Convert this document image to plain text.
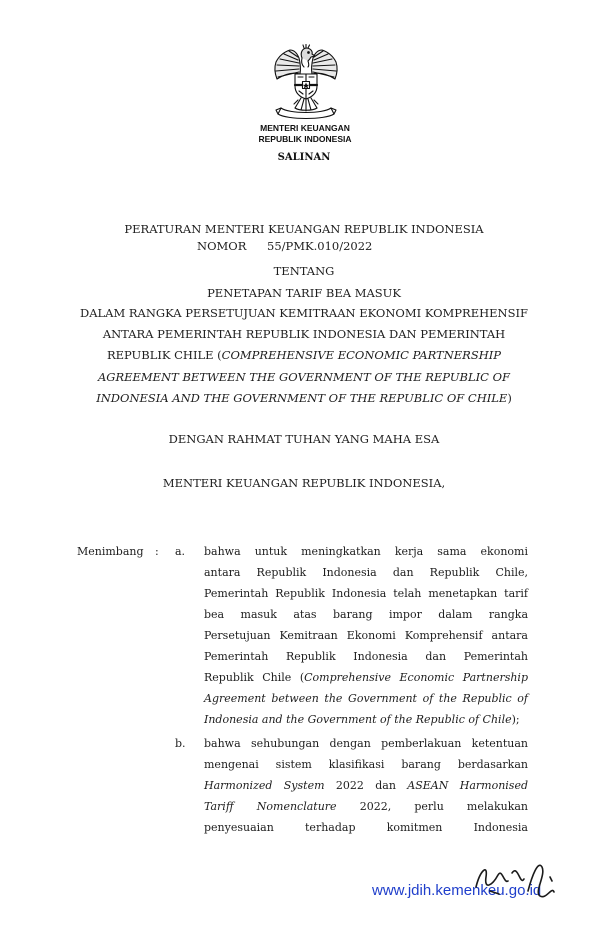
MENTERI KEUANGAN
REPUBLIK INDONESIA
SALINAN
PERATURAN MENTERI KEUANGAN REPUBLIK INDONESIA
NOMOR 55/PMK.010/2022
TENTANG
PENETAPAN TARIF BEA MASUK
DALAM RANGKA PERSETUJUAN KEMITRAAN EKONOMI KOMPREHENSIF
ANTARA PEMERINTAH REPUBLIK INDONESIA DAN PEMERINTAH
REPUBLIK CHILE (COMPREHENSIVE ECONOMIC PARTNERSHIP
AGREEMENT BETWEEN THE GOVERNMENT OF THE REPUBLIC OF
INDONESIA AND THE GOVERNMENT OF THE REPUBLIC OF CHILE)
DENGAN RAHMAT TUHAN YANG MAHA ESA
MENTERI KEUANGAN REPUBLIK INDONESIA,
Menimbang : a. bahwa untuk meningkatkan kerja sama ekonomi
antara Republik Indonesia dan Republik Chile,
Pemerintah Republik Indonesia telah menetapkan tarif
bea masuk atas barang impor dalam rangka
Persetujuan Kemitraan Ekonomi Komprehensif antara
Pemerintah Republik Indonesia dan Pemerintah
Republik Chile (Comprehensive Economic Partnership
Agreement between the Government of the Republic of
Indonesia and the Government of the Republic of Chile);
b. bahwa sehubungan dengan pemberlakuan ketentuan
mengenai sistem klasifikasi barang berdasarkan
Harmonized System 2022 dan ASEAN Harmonised
Tariff Nomenclature 2022, perlu melakukan
penyesuaian terhadap komitmen Indonesia
www.jdih.kemenkeu.go.id
